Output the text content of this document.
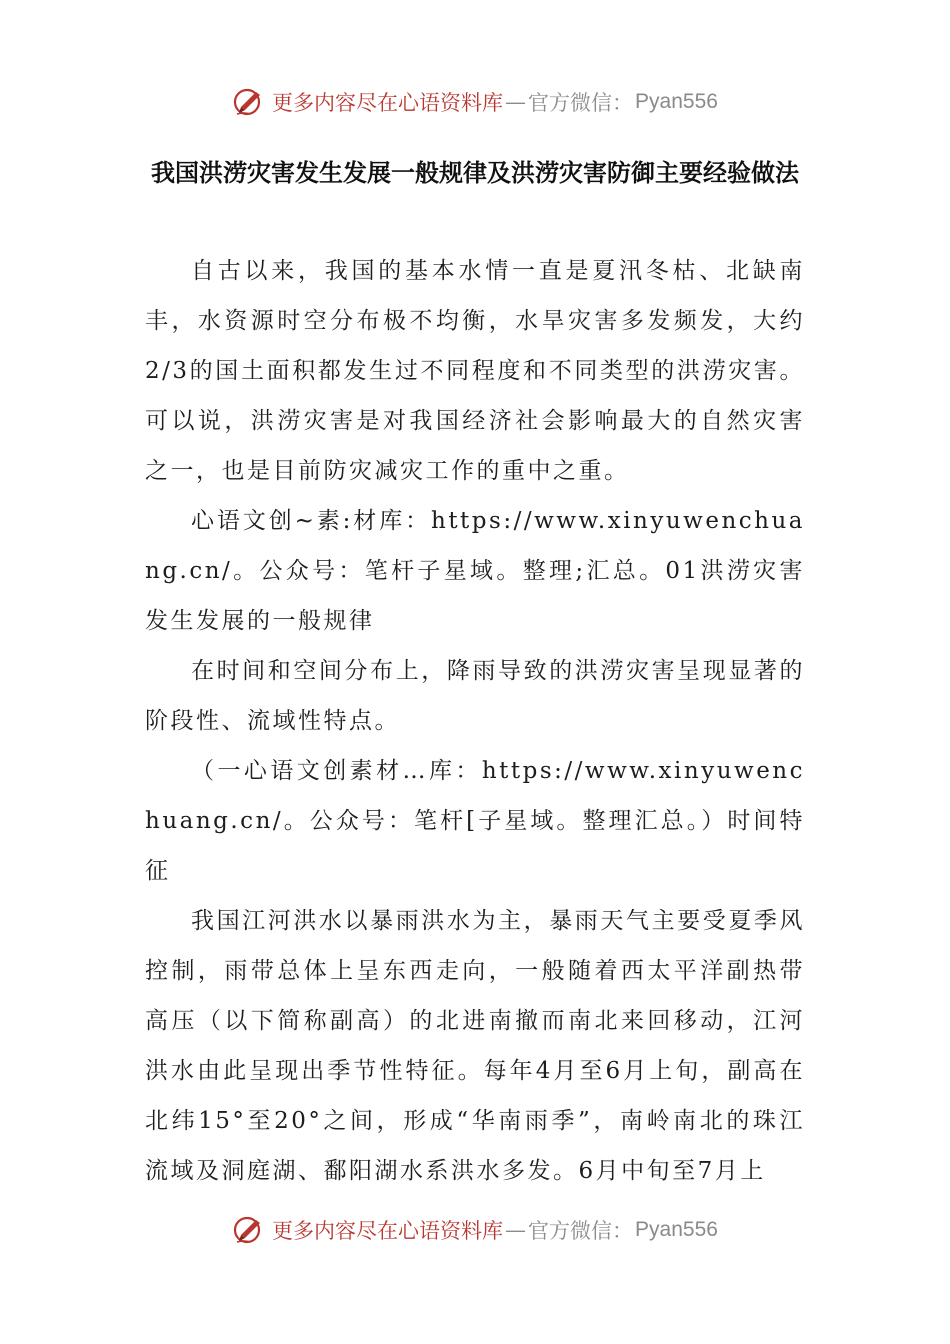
更多内容尽在心语资料库 — 官方微信： Pyan556
我国洪涝灾害发生发展一般规律及洪涝灾害防御主要经验做法

自古以来，我国的基本水情一直是夏汛冬枯、北缺南丰，水资源时空分布极不均衡，水旱灾害多发频发，大约2/3的国土面积都发生过不同程度和不同类型的洪涝灾害。可以说，洪涝灾害是对我国经济社会影响最大的自然灾害之一，也是目前防灾减灾工作的重中之重。

心语文创~素:材库：https://www.xinyuwenchuang.cn/。公众号：笔杆子星域。整理;汇总。01洪涝灾害发生发展的一般规律

在时间和空间分布上，降雨导致的洪涝灾害呈现显著的阶段性、流域性特点。

（一心语文创素材…库：https://www.xinyuwenchuang.cn/。公众号：笔杆[子星域。整理汇总。）时间特征

我国江河洪水以暴雨洪水为主，暴雨天气主要受夏季风控制，雨带总体上呈东西走向，一般随着西太平洋副热带高压（以下简称副高）的北进南撤而南北来回移动，江河洪水由此呈现出季节性特征。每年4月至6月上旬，副高在北纬15°至20°之间，形成“华南雨季”，南岭南北的珠江流域及洞庭湖、鄱阳湖水系洪水多发。6月中旬至7月上

更多内容尽在心语资料库 — 官方微信： Pyan556
